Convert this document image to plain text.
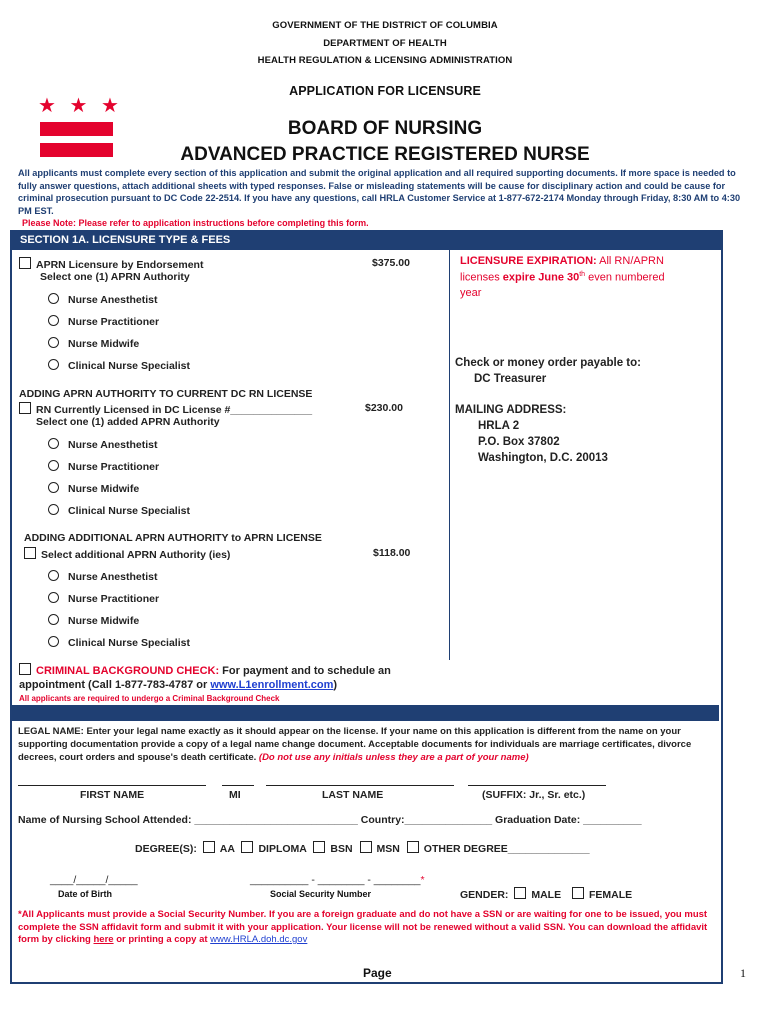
GOVERNMENT OF THE DISTRICT OF COLUMBIA
DEPARTMENT OF HEALTH
HEALTH REGULATION & LICENSING ADMINISTRATION
APPLICATION FOR LICENSURE
★ ★ ★
BOARD OF NURSING
ADVANCED PRACTICE REGISTERED NURSE
All applicants must complete every section of this application and submit the original application and all required supporting documents. If more space is needed to fully answer questions, attach additional sheets with typed responses. False or misleading statements will be cause for disciplinary action and could be cause for criminal prosecution pursuant to DC Code 22-2514. If you have any questions, call HRLA Customer Service at 1-877-672-2174 Monday through Friday, 8:30 AM to 4:30 PM EST.
Please Note: Please refer to application instructions before completing this form.
SECTION 1A. LICENSURE TYPE & FEES
APRN Licensure by Endorsement
Select one (1) APRN Authority
$375.00
Nurse Anesthetist
Nurse Practitioner
Nurse Midwife
Clinical Nurse Specialist
ADDING APRN AUTHORITY TO CURRENT DC RN LICENSE
RN Currently Licensed in DC License #______________
Select one (1) added APRN Authority
$230.00
Nurse Anesthetist
Nurse Practitioner
Nurse Midwife
Clinical Nurse Specialist
ADDING ADDITIONAL APRN AUTHORITY to APRN LICENSE
Select additional APRN Authority (ies)	$118.00
Nurse Anesthetist
Nurse Practitioner
Nurse Midwife
Clinical Nurse Specialist
CRIMINAL BACKGROUND CHECK: For payment and to schedule an
appointment (Call 1-877-783-4787 or www.L1enrollment.com)
All applicants are required to undergo a Criminal Background Check
LICENSURE EXPIRATION: All RN/APRN
licenses expire June 30th even numbered
year
Check or money order payable to:
DC Treasurer
MAILING ADDRESS:
HRLA 2
P.O. Box 37802
Washington, D.C. 20013
LEGAL NAME: Enter your legal name exactly as it should appear on the license. If your name on this application is different from the name on your supporting documentation provide a copy of a legal name change document. Acceptable documents for individuals are marriage certificates, divorce decrees, court orders and spouse's death certificate. (Do not use any initials unless they are a part of your name)
FIRST NAME	MI	LAST NAME	(SUFFIX: Jr., Sr. etc.)
Name of Nursing School Attended: ____________________________ Country:_______________ Graduation Date: __________
DEGREE(S): AA DIPLOMA BSN MSN OTHER DEGREE______________
____/_____/_____
Date of Birth
__________ - ________ - ________*
Social Security Number	GENDER: MALE	FEMALE
*All Applicants must provide a Social Security Number. If you are a foreign graduate and do not have a SSN or are waiting for one to be issued, you must complete the SSN affidavit form and submit it with your application. Your license will not be renewed without a valid SSN. You can download the affidavit form by clicking here or printing a copy at www.HRLA.doh.dc.gov
Page	1
